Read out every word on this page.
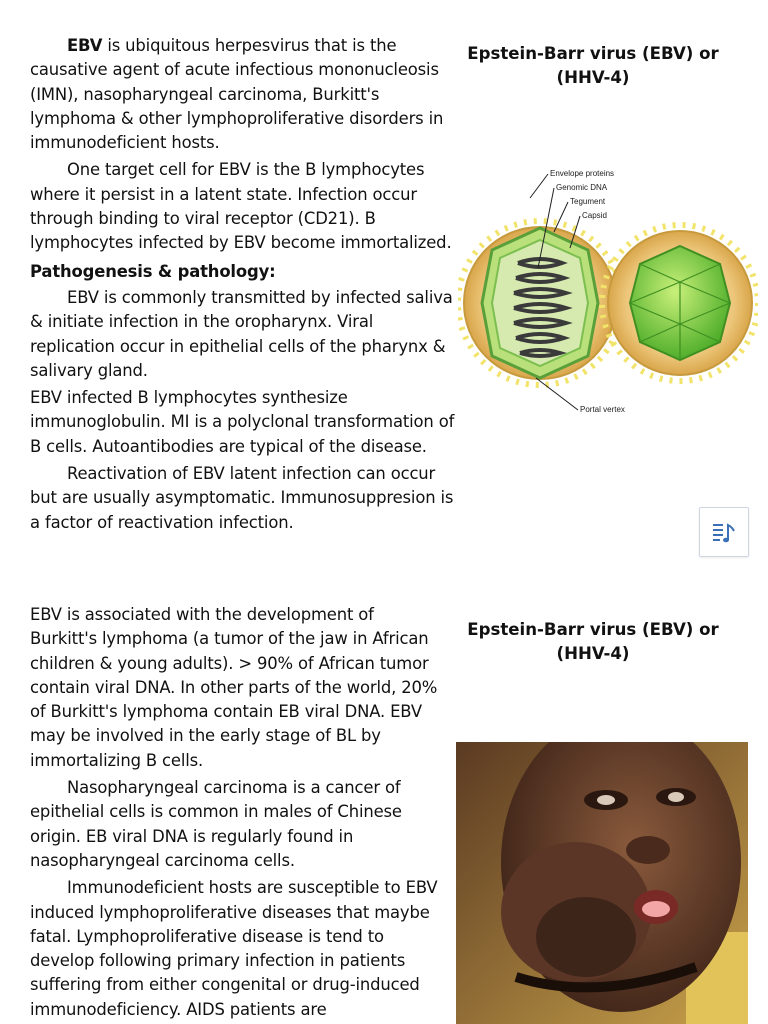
EBV is ubiquitous herpesvirus that is the causative agent of acute infectious mononucleosis (IMN), nasopharyngeal carcinoma, Burkitt's lymphoma & other lymphoproliferative disorders in immunodeficient hosts.

One target cell for EBV is the B lymphocytes where it persist in a latent state. Infection occur through binding to viral receptor (CD21). B lymphocytes infected by EBV become immortalized.

Pathogenesis & pathology:

EBV is commonly transmitted by infected saliva & initiate infection in the oropharynx. Viral replication occur in epithelial cells of the pharynx & salivary gland.

EBV infected B lymphocytes synthesize immunoglobulin. MI is a polyclonal transformation of B cells. Autoantibodies are typical of the disease.

Reactivation of EBV latent infection can occur but are usually asymptomatic. Immunosuppresion is a factor of reactivation infection.

Epstein-Barr virus (EBV) or (HHV-4)
Envelope proteins
Genomic DNA
Tegument
Capsid
Portal vertex

EBV is associated with the development of Burkitt's lymphoma (a tumor of the jaw in African children & young adults). > 90% of African tumor contain viral DNA. In other parts of the world, 20% of Burkitt's lymphoma contain EB viral DNA. EBV may be involved in the early stage of BL by immortalizing B cells.

Nasopharyngeal carcinoma is a cancer of epithelial cells is common in males of Chinese origin. EB viral DNA is regularly found in nasopharyngeal carcinoma cells.

Immunodeficient hosts are susceptible to EBV induced lymphoproliferative diseases that maybe fatal. Lymphoproliferative disease is tend to develop following primary infection in patients suffering from either congenital or drug-induced immunodeficiency. AIDS patients are

Epstein-Barr virus (EBV) or (HHV-4)
